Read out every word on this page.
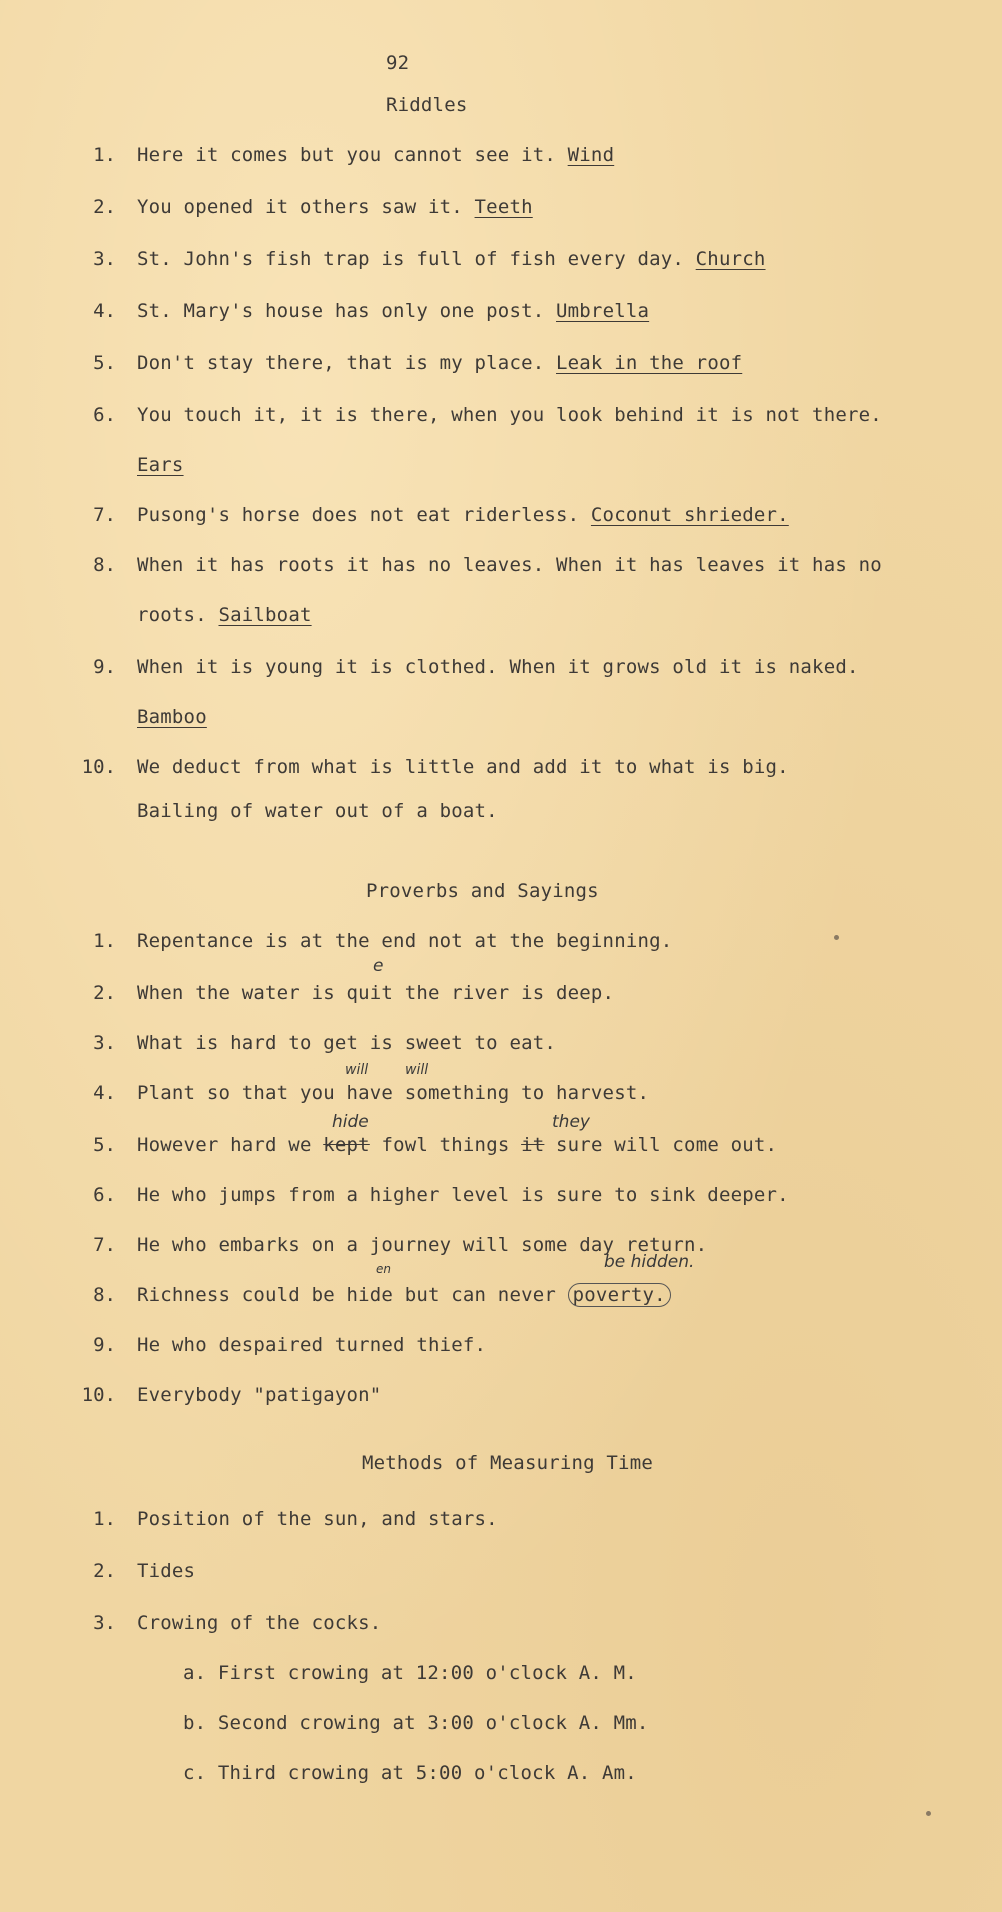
92
Riddles
1. Here it comes but you cannot see it. Wind
2. You opened it others saw it. Teeth
3. St. John's fish trap is full of fish every day. Church
4. St. Mary's house has only one post. Umbrella
5. Don't stay there, that is my place. Leak in the roof
6. You touch it, it is there, when you look behind it is not there.
Ears
7. Pusong's horse does not eat riderless. Coconut shrieder.
8. When it has roots it has no leaves. When it has leaves it has no
roots. Sailboat
9. When it is young it is clothed. When it grows old it is naked.
Bamboo
10. We deduct from what is little and add it to what is big.
Bailing of water out of a boat.
Proverbs and Sayings
1. Repentance is at the end not at the beginning.
e
2. When the water is quit the river is deep.
3. What is hard to get is sweet to eat.
will	will
4. Plant so that you have something to harvest.
hide	they
5. However hard we kept fowl things it sure will come out.
6. He who jumps from a higher level is sure to sink deeper.
7. He who embarks on a journey will some day return.
en	be hidden.
8. Richness could be hide but can never poverty.
9. He who despaired turned thief.
10. Everybody "patigayon"
Methods of Measuring Time
1. Position of the sun, and stars.
2. Tides
3. Crowing of the cocks.
a. First crowing at 12:00 o'clock A. M.
b. Second crowing at 3:00 o'clock A. Mm.
c. Third crowing at 5:00 o'clock A. Am.
